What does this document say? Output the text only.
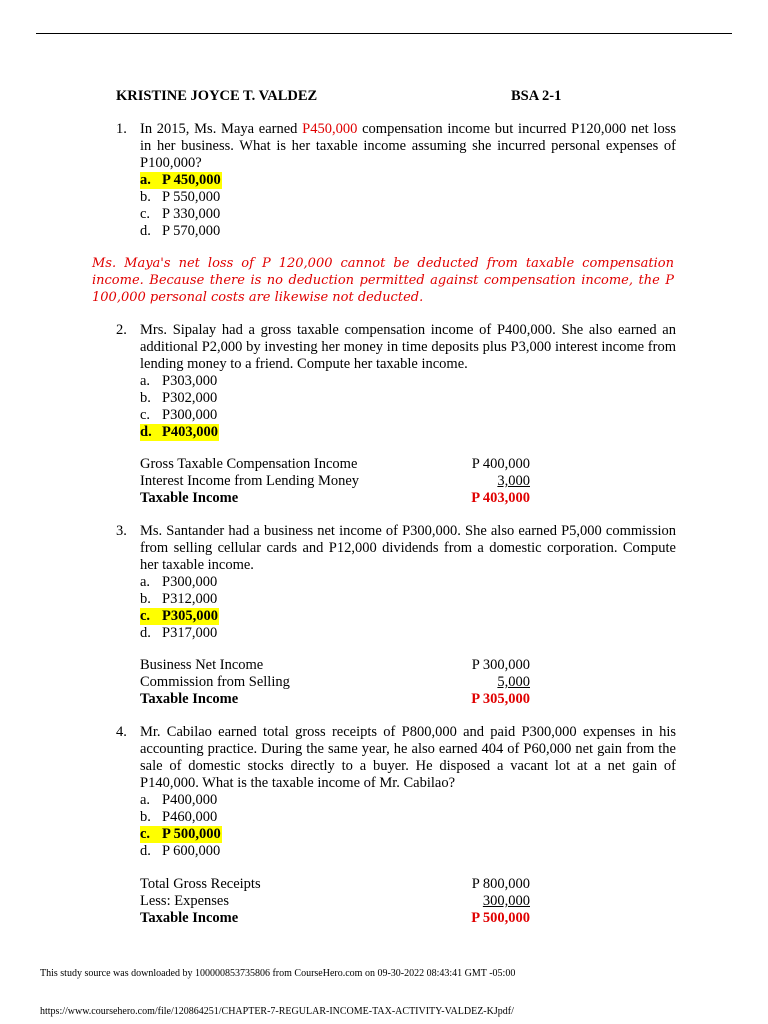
KRISTINE JOYCE T. VALDEZ	BSA 2-1
1. In 2015, Ms. Maya earned P450,000 compensation income but incurred P120,000 net loss in her business. What is her taxable income assuming she incurred personal expenses of P100,000?
a. P 450,000
b. P 550,000
c. P 330,000
d. P 570,000
Ms. Maya's net loss of P 120,000 cannot be deducted from taxable compensation income. Because there is no deduction permitted against compensation income, the P 100,000 personal costs are likewise not deducted.
2. Mrs. Sipalay had a gross taxable compensation income of P400,000. She also earned an additional P2,000 by investing her money in time deposits plus P3,000 interest income from lending money to a friend. Compute her taxable income.
a. P303,000
b. P302,000
c. P300,000
d. P403,000
Gross Taxable Compensation Income	P 400,000
Interest Income from Lending Money	3,000
Taxable Income	P 403,000
3. Ms. Santander had a business net income of P300,000. She also earned P5,000 commission from selling cellular cards and P12,000 dividends from a domestic corporation. Compute her taxable income.
a. P300,000
b. P312,000
c. P305,000
d. P317,000
Business Net Income	P 300,000
Commission from Selling	5,000
Taxable Income	P 305,000
4. Mr. Cabilao earned total gross receipts of P800,000 and paid P300,000 expenses in his accounting practice. During the same year, he also earned 404 of P60,000 net gain from the sale of domestic stocks directly to a buyer. He disposed a vacant lot at a net gain of P140,000. What is the taxable income of Mr. Cabilao?
a. P400,000
b. P460,000
c. P 500,000
d. P 600,000
Total Gross Receipts	P 800,000
Less: Expenses	300,000
Taxable Income	P 500,000
This study source was downloaded by 100000853735806 from CourseHero.com on 09-30-2022 08:43:41 GMT -05:00
https://www.coursehero.com/file/120864251/CHAPTER-7-REGULAR-INCOME-TAX-ACTIVITY-VALDEZ-KJpdf/
